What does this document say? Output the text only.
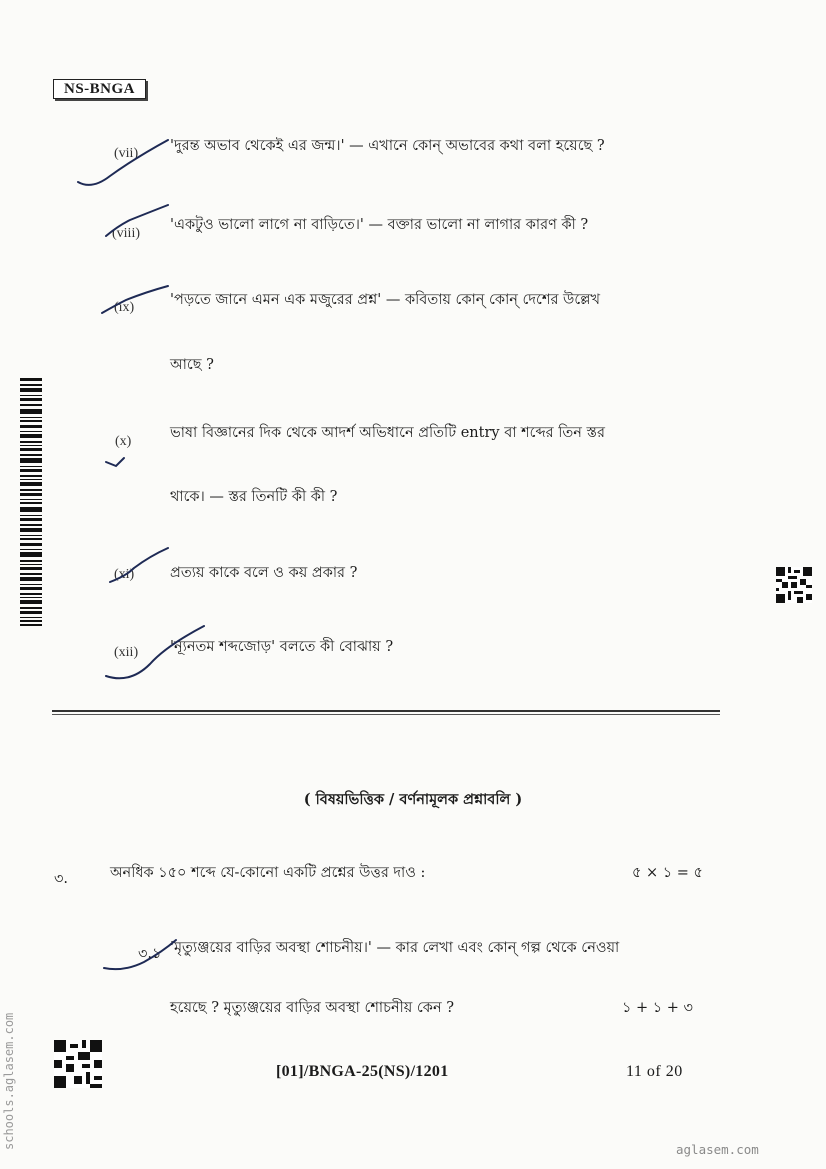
NS-BNGA
(vii) 'দুরন্ত অভাব থেকেই এর জন্ম।' — এখানে কোন্ অভাবের কথা বলা হয়েছে ?
(viii)
'একটুও ভালো লাগে না বাড়িতে।' — বক্তার ভালো না লাগার কারণ কী ?
(ix) 'পড়তে জানে এমন এক মজুরের প্রশ্ন' — কবিতায় কোন্ কোন্ দেশের উল্লেখ
আছে ?
(x)
ভাষা বিজ্ঞানের দিক থেকে আদর্শ অভিধানে প্রতিটি entry বা শব্দের তিন স্তর
থাকে। — স্তর তিনটি কী কী ?
(xi) প্রত্যয় কাকে বলে ও কয় প্রকার ?
(xii) 'ন্যূনতম শব্দজোড়' বলতে কী বোঝায় ?
( বিষয়ভিত্তিক / বর্ণনামূলক প্রশ্নাবলি )
৩.	অনধিক ১৫০ শব্দে যে-কোনো একটি প্রশ্নের উত্তর দাও :	৫ × ১ = ৫
৩.১ 'মৃত্যুঞ্জয়ের বাড়ির অবস্থা শোচনীয়।' — কার লেখা এবং কোন্ গল্প থেকে নেওয়া
হয়েছে ? মৃত্যুঞ্জয়ের বাড়ির অবস্থা শোচনীয় কেন ?	১ + ১ + ৩
[01]/BNGA-25(NS)/1201	11 of 20
schools.aglasem.com	aglasem.com
